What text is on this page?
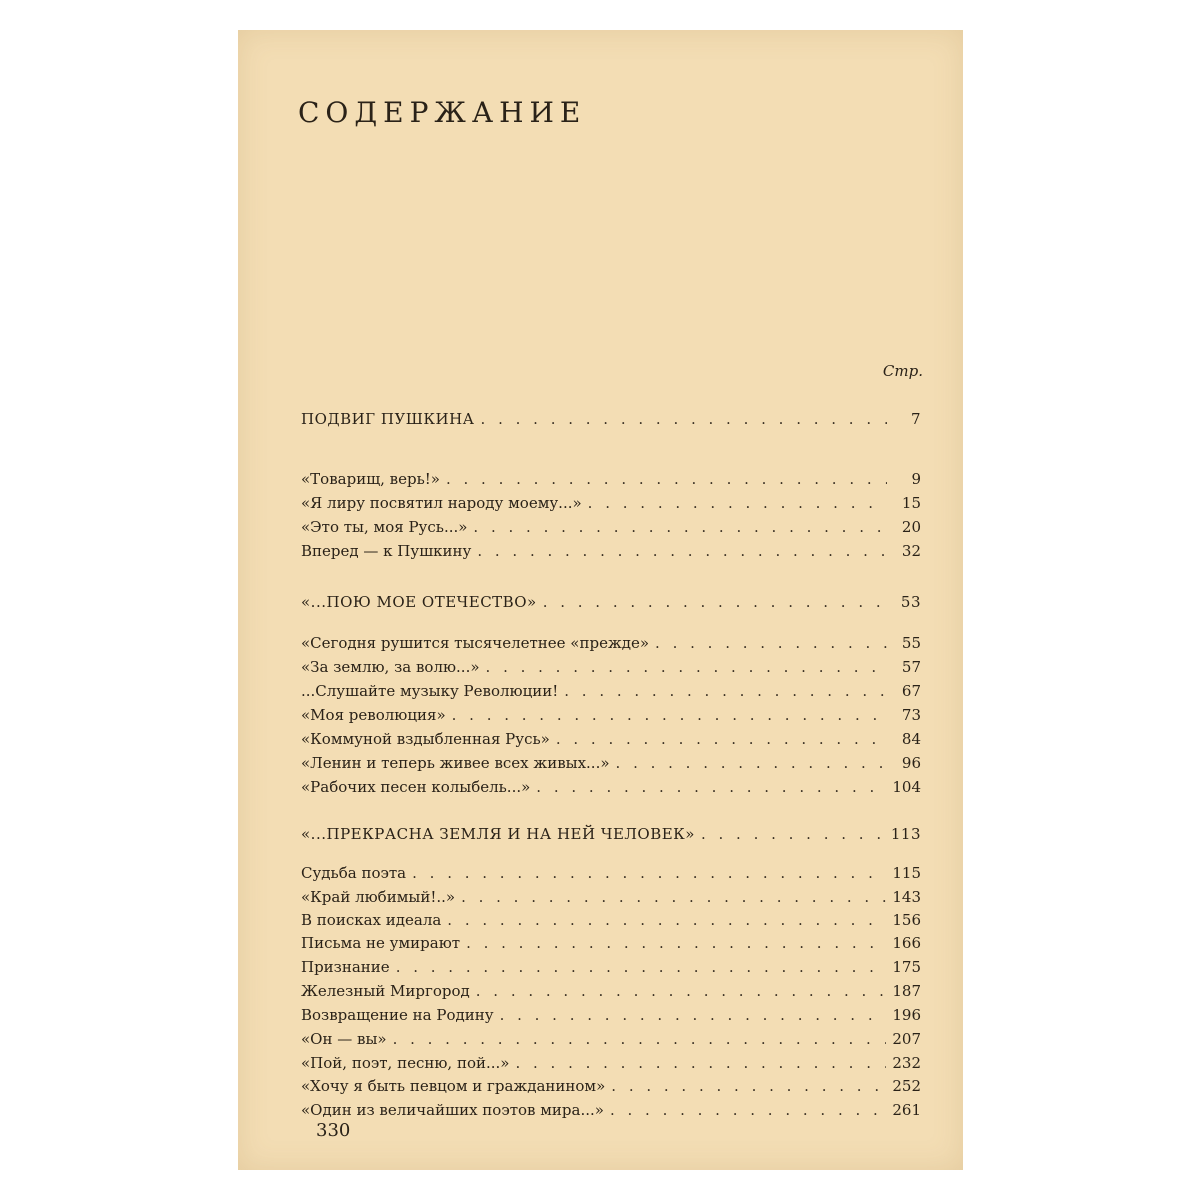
СОДЕРЖАНИЕ
Стр.
ПОДВИГ ПУШКИНА . . .	7
«Товарищ, верь!» . . .	9
«Я лиру посвятил народу моему...» . . .	15
«Это ты, моя Русь...» . . .	20
Вперед — к Пушкину . . .	32
«...ПОЮ МОЕ ОТЕЧЕСТВО» . . .	53
«Сегодня рушится тысячелетнее «прежде» . . .	55
«За землю, за волю...» . . .	57
...Слушайте музыку Революции! . . .	67
«Моя революция» . . .	73
«Коммуной вздыбленная Русь» . . .	84
«Ленин и теперь живее всех живых...» . . .	96
«Рабочих песен колыбель...» . . .	104
«...ПРЕКРАСНА ЗЕМЛЯ И НА НЕЙ ЧЕЛОВЕК» . . .	113
Судьба поэта . . .	115
«Край любимый!..» . . .	143
В поисках идеала . . .	156
Письма не умирают . . .	166
Признание . . .	175
Железный Миргород . . .	187
Возвращение на Родину . . .	196
«Он — вы» . . .	207
«Пой, поэт, песню, пой...» . . .	232
«Хочу я быть певцом и гражданином» . . .	252
«Один из величайших поэтов мира...» . . .	261
330
